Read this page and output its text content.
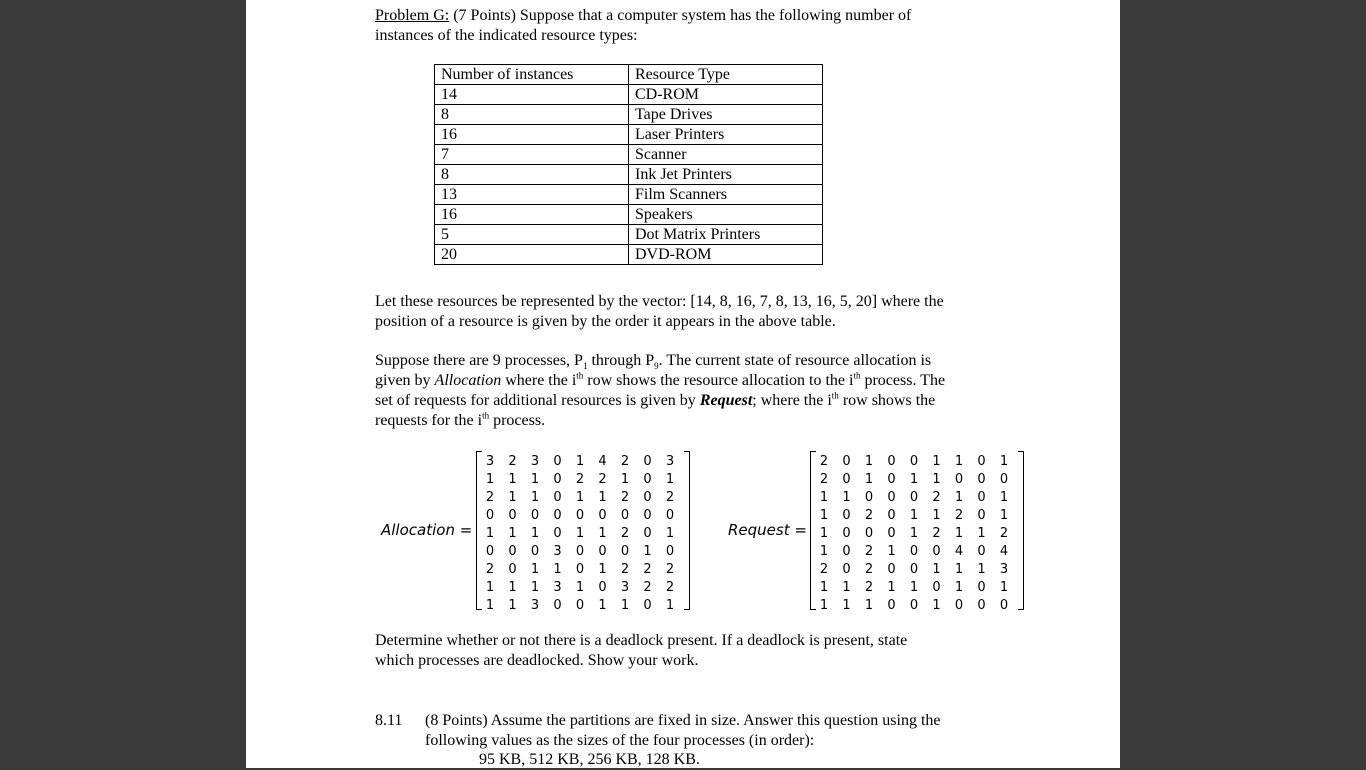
Problem G: (7 Points) Suppose that a computer system has the following number of
instances of the indicated resource types:
Number of instances	Resource Type
14	CD-ROM
8	Tape Drives
16	Laser Printers
7	Scanner
8	Ink Jet Printers
13	Film Scanners
16	Speakers
5	Dot Matrix Printers
20	DVD-ROM
Let these resources be represented by the vector: [14, 8, 16, 7, 8, 13, 16, 5, 20] where the
position of a resource is given by the order it appears in the above table.
Suppose there are 9 processes, $P_1$ through $P_9$. The current state of resource allocation is
given by Allocation where the $i^{th}$ row shows the resource allocation to the $i^{th}$ process. The
set of requests for additional resources is given by Request; where the $i^{th}$ row shows the
requests for the $i^{th}$ process.
Allocation =
3	2	3	0	1	4	2	0	3
1	1	1	0	2	2	1	0	1
2	1	1	0	1	1	2	0	2
0	0	0	0	0	0	0	0	0
1	1	1	0	1	1	2	0	1
0	0	0	3	0	0	0	1	0
2	0	1	1	0	1	2	2	2
1	1	1	3	1	0	3	2	2
1	1	3	0	0	1	1	0	1
Request =
2	0	1	0	0	1	1	0	1
2	0	1	0	1	1	0	0	0
1	1	0	0	0	2	1	0	1
1	0	2	0	1	1	2	0	1
1	0	0	0	1	2	1	1	2
1	0	2	1	0	0	4	0	4
2	0	2	0	0	1	1	1	3
1	1	2	1	1	0	1	0	1
1	1	1	0	0	1	0	0	0
Determine whether or not there is a deadlock present. If a deadlock is present, state
which processes are deadlocked. Show your work.
8.11 (8 Points) Assume the partitions are fixed in size. Answer this question using the
following values as the sizes of the four processes (in order):
95 KB, 512 KB, 256 KB, 128 KB.
